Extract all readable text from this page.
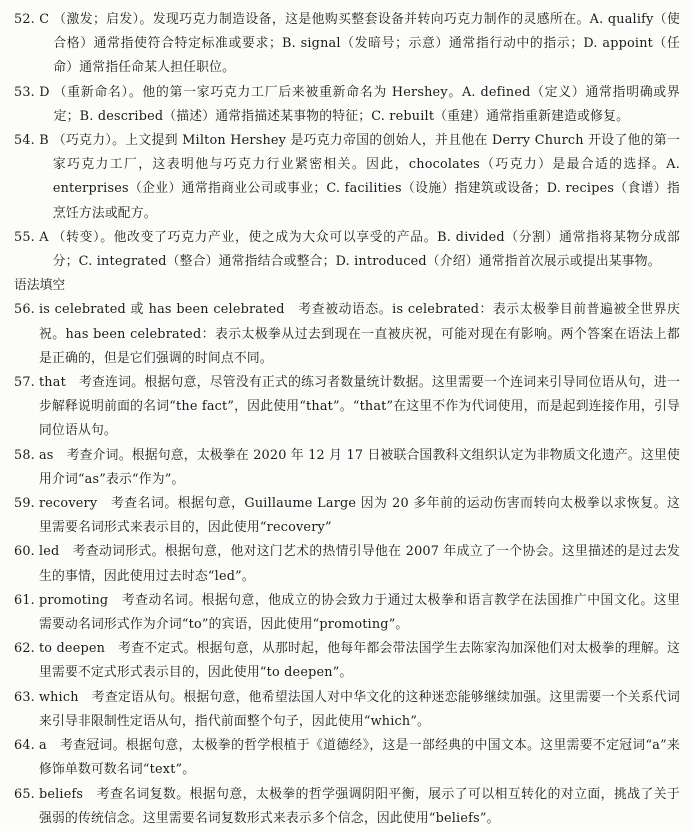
52. C （激发；启发）。发现巧克力制造设备，这是他购买整套设备并转向巧克力制作的灵感所在。A. qualify（使合格）通常指使符合特定标准或要求；B. signal（发暗号；示意）通常指行动中的指示；D. appoint（任命）通常指任命某人担任职位。
53. D （重新命名）。他的第一家巧克力工厂后来被重新命名为 Hershey。A. defined（定义）通常指明确或界定；B. described（描述）通常指描述某事物的特征；C. rebuilt（重建）通常指重新建造或修复。
54. B （巧克力）。上文提到 Milton Hershey 是巧克力帝国的创始人，并且他在 Derry Church 开设了他的第一家巧克力工厂，这表明他与巧克力行业紧密相关。因此，chocolates（巧克力）是最合适的选择。A. enterprises（企业）通常指商业公司或事业；C. facilities（设施）指建筑或设备；D. recipes（食谱）指烹饪方法或配方。
55. A （转变）。他改变了巧克力产业，使之成为大众可以享受的产品。B. divided（分割）通常指将某物分成部分；C. integrated（整合）通常指结合或整合；D. introduced（介绍）通常指首次展示或提出某事物。
语法填空
56. is celebrated 或 has been celebrated　考查被动语态。is celebrated：表示太极拳目前普遍被全世界庆祝。has been celebrated：表示太极拳从过去到现在一直被庆祝，可能对现在有影响。两个答案在语法上都是正确的，但是它们强调的时间点不同。
57. that　考查连词。根据句意，尽管没有正式的练习者数量统计数据。这里需要一个连词来引导同位语从句，进一步解释说明前面的名词“the fact”，因此使用“that”。“that”在这里不作为代词使用，而是起到连接作用，引导同位语从句。
58. as　考查介词。根据句意，太极拳在 2020 年 12 月 17 日被联合国教科文组织认定为非物质文化遗产。这里使用介词“as”表示“作为”。
59. recovery　考查名词。根据句意，Guillaume Large 因为 20 多年前的运动伤害而转向太极拳以求恢复。这里需要名词形式来表示目的，因此使用“recovery”
60. led　考查动词形式。根据句意，他对这门艺术的热情引导他在 2007 年成立了一个协会。这里描述的是过去发生的事情，因此使用过去时态“led”。
61. promoting　考查动名词。根据句意，他成立的协会致力于通过太极拳和语言教学在法国推广中国文化。这里需要动名词形式作为介词“to”的宾语，因此使用“promoting”。
62. to deepen　考查不定式。根据句意，从那时起，他每年都会带法国学生去陈家沟加深他们对太极拳的理解。这里需要不定式形式表示目的，因此使用“to deepen”。
63. which　考查定语从句。根据句意，他希望法国人对中华文化的这种迷恋能够继续加强。这里需要一个关系代词来引导非限制性定语从句，指代前面整个句子，因此使用“which”。
64. a　考查冠词。根据句意，太极拳的哲学根植于《道德经》，这是一部经典的中国文本。这里需要不定冠词“a”来修饰单数可数名词“text”。
65. beliefs　考查名词复数。根据句意，太极拳的哲学强调阴阳平衡，展示了可以相互转化的对立面，挑战了关于强弱的传统信念。这里需要名词复数形式来表示多个信念，因此使用“beliefs”。
